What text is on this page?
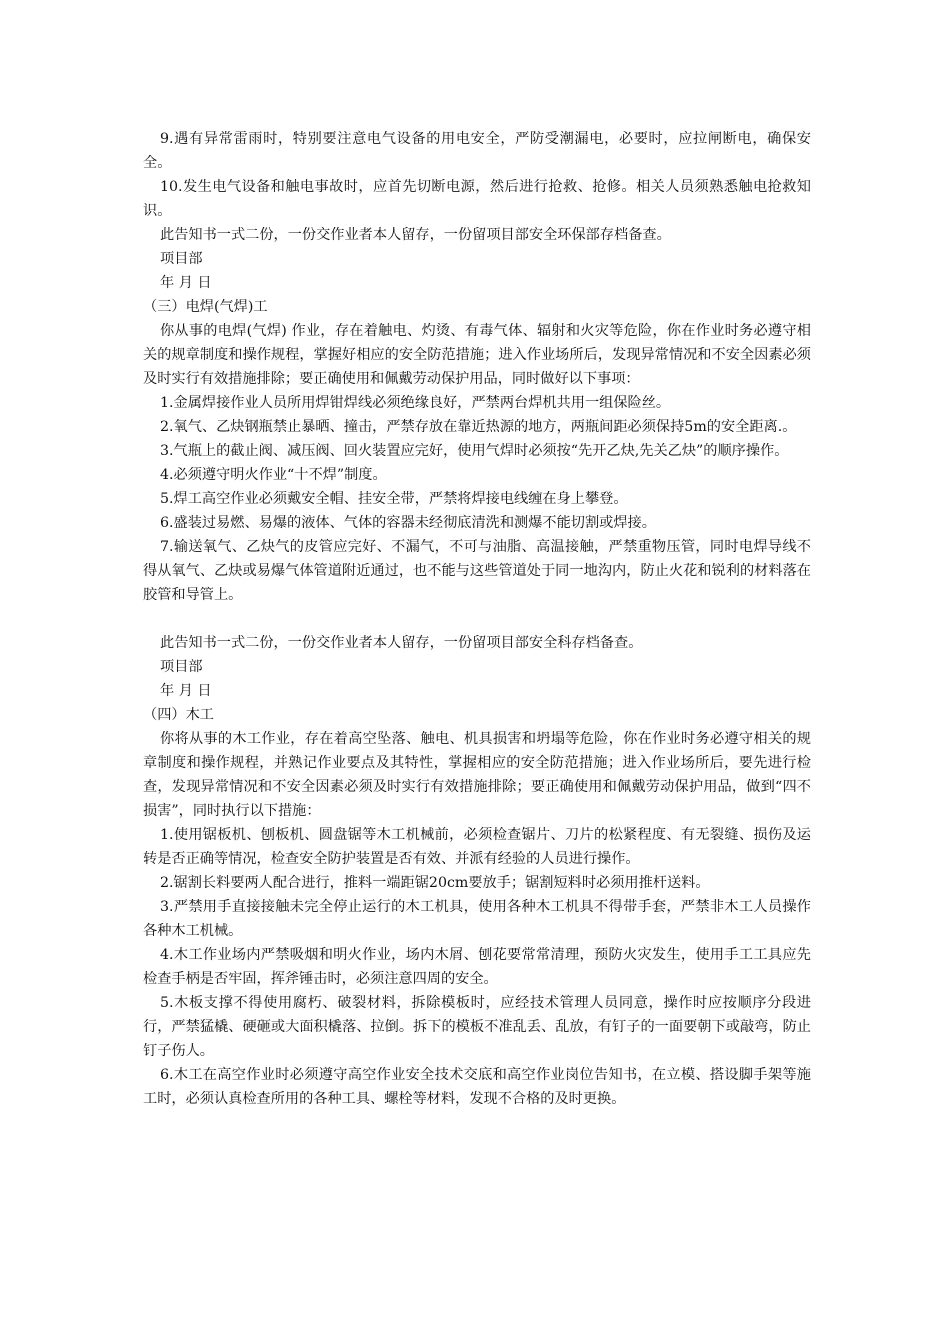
9.遇有异常雷雨时，特别要注意电气设备的用电安全，严防受潮漏电，必要时，应拉闸断电，确保安全。

10.发生电气设备和触电事故时，应首先切断电源，然后进行抢救、抢修。相关人员须熟悉触电抢救知识。

此告知书一式二份，一份交作业者本人留存，一份留项目部安全环保部存档备查。

项目部

年 月 日

（三）电焊(气焊)工

你从事的电焊(气焊) 作业，存在着触电、灼烫、有毒气体、辐射和火灾等危险，你在作业时务必遵守相关的规章制度和操作规程，掌握好相应的安全防范措施；进入作业场所后，发现异常情况和不安全因素必须及时实行有效措施排除；要正确使用和佩戴劳动保护用品，同时做好以下事项：

1.金属焊接作业人员所用焊钳焊线必须绝缘良好，严禁两台焊机共用一组保险丝。

2.氧气、乙炔钢瓶禁止暴晒、撞击，严禁存放在靠近热源的地方，两瓶间距必须保持5m的安全距离.。

3.气瓶上的截止阀、减压阀、回火装置应完好，使用气焊时必须按“先开乙炔,先关乙炔”的顺序操作。

4.必须遵守明火作业“十不焊”制度。

5.焊工高空作业必须戴安全帽、挂安全带，严禁将焊接电线缠在身上攀登。

6.盛装过易燃、易爆的液体、气体的容器未经彻底清洗和测爆不能切割或焊接。

7.输送氧气、乙炔气的皮管应完好、不漏气，不可与油脂、高温接触，严禁重物压管，同时电焊导线不得从氧气、乙炔或易爆气体管道附近通过，也不能与这些管道处于同一地沟内，防止火花和锐利的材料落在胶管和导管上。

此告知书一式二份，一份交作业者本人留存，一份留项目部安全科存档备查。

项目部

年 月 日

（四）木工

你将从事的木工作业，存在着高空坠落、触电、机具损害和坍塌等危险，你在作业时务必遵守相关的规章制度和操作规程，并熟记作业要点及其特性，掌握相应的安全防范措施；进入作业场所后，要先进行检查，发现异常情况和不安全因素必须及时实行有效措施排除；要正确使用和佩戴劳动保护用品，做到“四不损害”，同时执行以下措施：

1.使用锯板机、刨板机、圆盘锯等木工机械前，必须检查锯片、刀片的松紧程度、有无裂缝、损伤及运转是否正确等情况，检查安全防护装置是否有效、并派有经验的人员进行操作。

2.锯割长料要两人配合进行，推料一端距锯20cm要放手；锯割短料时必须用推杆送料。

3.严禁用手直接接触未完全停止运行的木工机具，使用各种木工机具不得带手套，严禁非木工人员操作各种木工机械。

4.木工作业场内严禁吸烟和明火作业，场内木屑、刨花要常常清理，预防火灾发生，使用手工工具应先检查手柄是否牢固，挥斧锤击时，必须注意四周的安全。

5.木板支撑不得使用腐朽、破裂材料，拆除模板时，应经技术管理人员同意，操作时应按顺序分段进行，严禁猛橇、硬砸或大面积橇落、拉倒。拆下的模板不准乱丢、乱放，有钉子的一面要朝下或敲弯，防止钉子伤人。

6.木工在高空作业时必须遵守高空作业安全技术交底和高空作业岗位告知书，在立模、搭设脚手架等施工时，必须认真检查所用的各种工具、螺栓等材料，发现不合格的及时更换。
